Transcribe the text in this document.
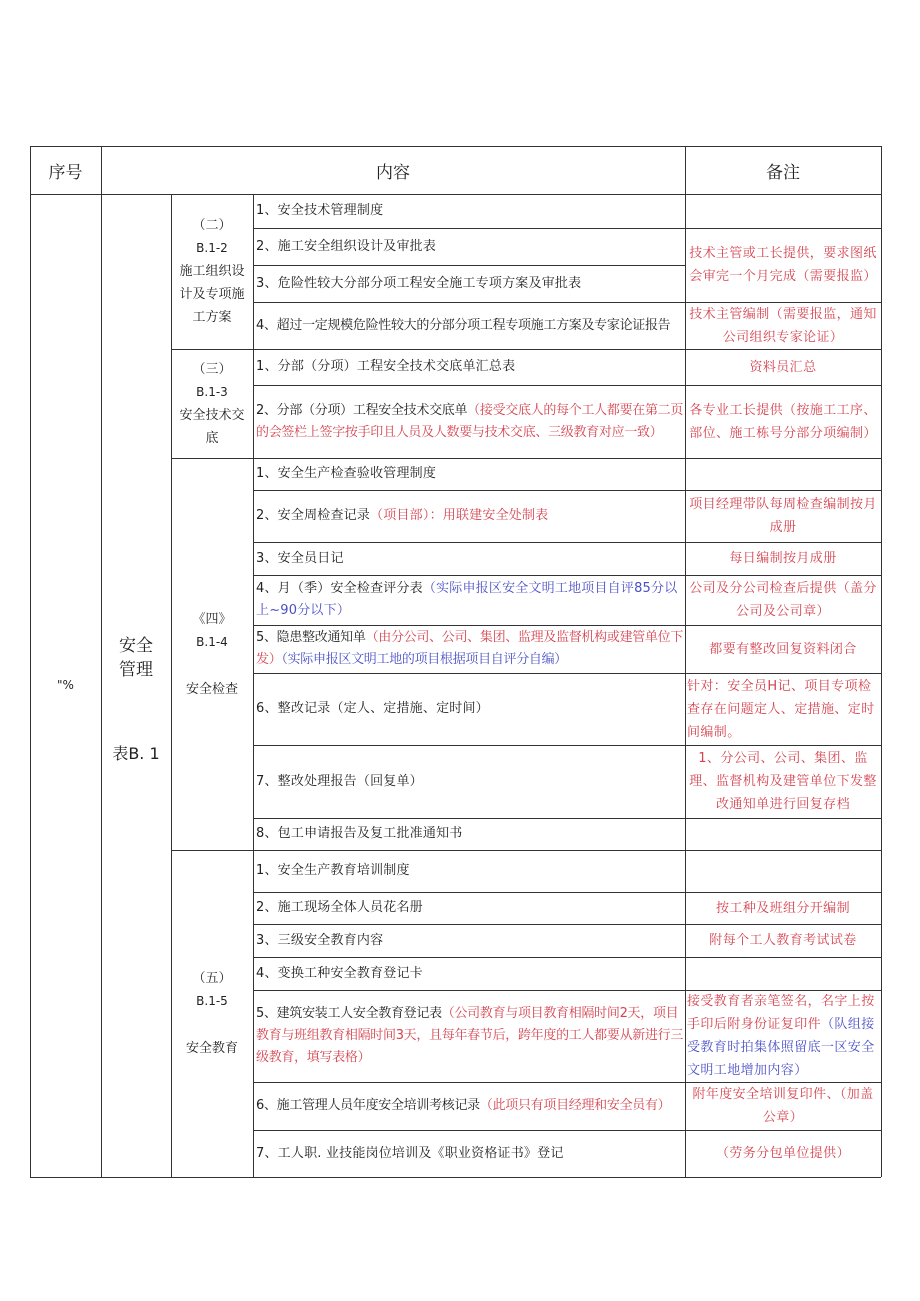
序号	内容	备注
"%
安全
管理
表B. 1
（二）
B.1-2
施工组织设计及专项施工方案
（三）
B.1-3
安全技术交底
《四》
B.1-4
安全检查
（五）
B.1-5
安全教育
1、安全技术管理制度
2、施工安全组织设计及审批表
3、危险性较大分部分项工程安全施工专项方案及审批表
4、超过一定规模危险性较大的分部分项工程专项施工方案及专家论证报告
1、分部（分项）工程安全技术交底单汇总表
2、分部（分项）工程安全技术交底单（接受交底人的每个工人都要在第二页的会签栏上签字按手印且人员及人数要与技术交底、三级教育对应一致）
1、安全生产检查验收管理制度
2、安全周检查记录（项目部）：用联建安全处制表
3、安全员日记
4、月（季）安全检查评分表（实际申报区安全文明工地项目自评85分以上~90分以下）
5、隐患整改通知单（由分公司、公司、集团、监理及监督机构或建管单位下发）（实际申报区文明工地的项目根据项目自评分自编）
6、整改记录（定人、定措施、定时间）
7、整改处理报告（回复单）
8、包工申请报告及复工批准通知书
1、安全生产教育培训制度
2、施工现场全体人员花名册
3、三级安全教育内容
4、变换工种安全教育登记卡
5、建筑安装工人安全教育登记表（公司教育与项目教育相隔时间2天，项目教育与班组教育相隔时间3天，且每年春节后，跨年度的工人都要从新进行三级教育，填写表格）
6、施工管理人员年度安全培训考核记录（此项只有项目经理和安全员有）
7、工人职. 业技能岗位培训及《职业资格证书》登记
技术主管或工长提供，要求图纸会审完一个月完成（需要报监）
技术主管编制（需要报监，通知公司组织专家论证）
资料员汇总
各专业工长提供（按施工工序、部位、施工栋号分部分项编制）
项目经理带队每周检查编制按月成册
每日编制按月成册
公司及分公司检查后提供（盖分公司及公司章）
都要有整改回复资料闭合
针对：安全员H记、项目专项检查存在问题定人、定措施、定时间编制。
1、分公司、公司、集团、监理、监督机构及建管单位下发整改通知单进行回复存档
按工种及班组分开编制
附每个工人教育考试试卷
接受教育者亲笔签名，名字上按手印后附身份证复印件（队组接受教育时拍集体照留底一区安全文明工地增加内容）
附年度安全培训复印件、（加盖公章）
（劳务分包单位提供）
